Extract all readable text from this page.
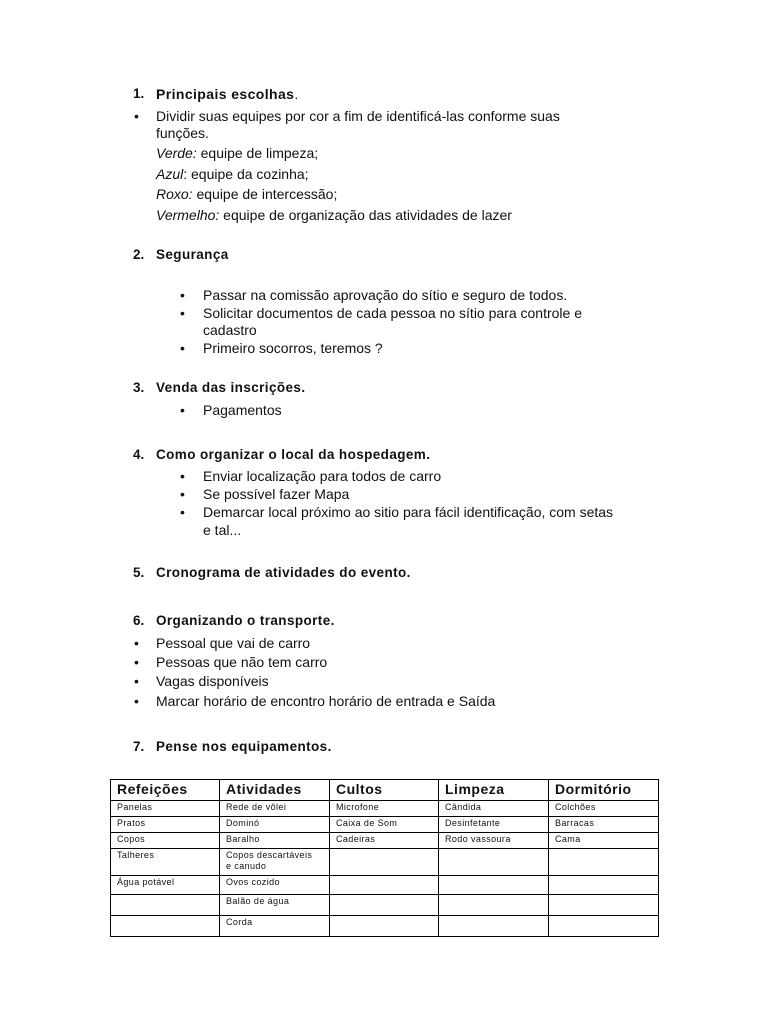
1. Principais escolhas.
• Dividir suas equipes por cor a fim de identificá-las conforme suas
funções.
Verde: equipe de limpeza;
Azul: equipe da cozinha;
Roxo: equipe de intercessão;
Vermelho: equipe de organização das atividades de lazer
2. Segurança
• Passar na comissão aprovação do sítio e seguro de todos.
• Solicitar documentos de cada pessoa no sítio para controle e
cadastro
• Primeiro socorros, teremos ?
3. Venda das inscrições.
• Pagamentos
4. Como organizar o local da hospedagem.
• Enviar localização para todos de carro
• Se possível fazer Mapa
• Demarcar local próximo ao sitio para fácil identificação, com setas
e tal...
5. Cronograma de atividades do evento.
6. Organizando o transporte.
• Pessoal que vai de carro
• Pessoas que não tem carro
• Vagas disponíveis
• Marcar horário de encontro horário de entrada e Saída
7. Pense nos equipamentos.
Refeições	Atividades	Cultos	Limpeza	Dormitório
Panelas	Rede de vôlei	Microfone	Cândida	Colchões
Pratos	Dominó	Caixa de Som	Desinfetante	Barracas
Copos	Baralho	Cadeiras	Rodo vassoura	Cama
Talheres	Copos descartáveis
e canudo			

Água potável	Ovos cozido			
	Balão de água			
	Corda			
